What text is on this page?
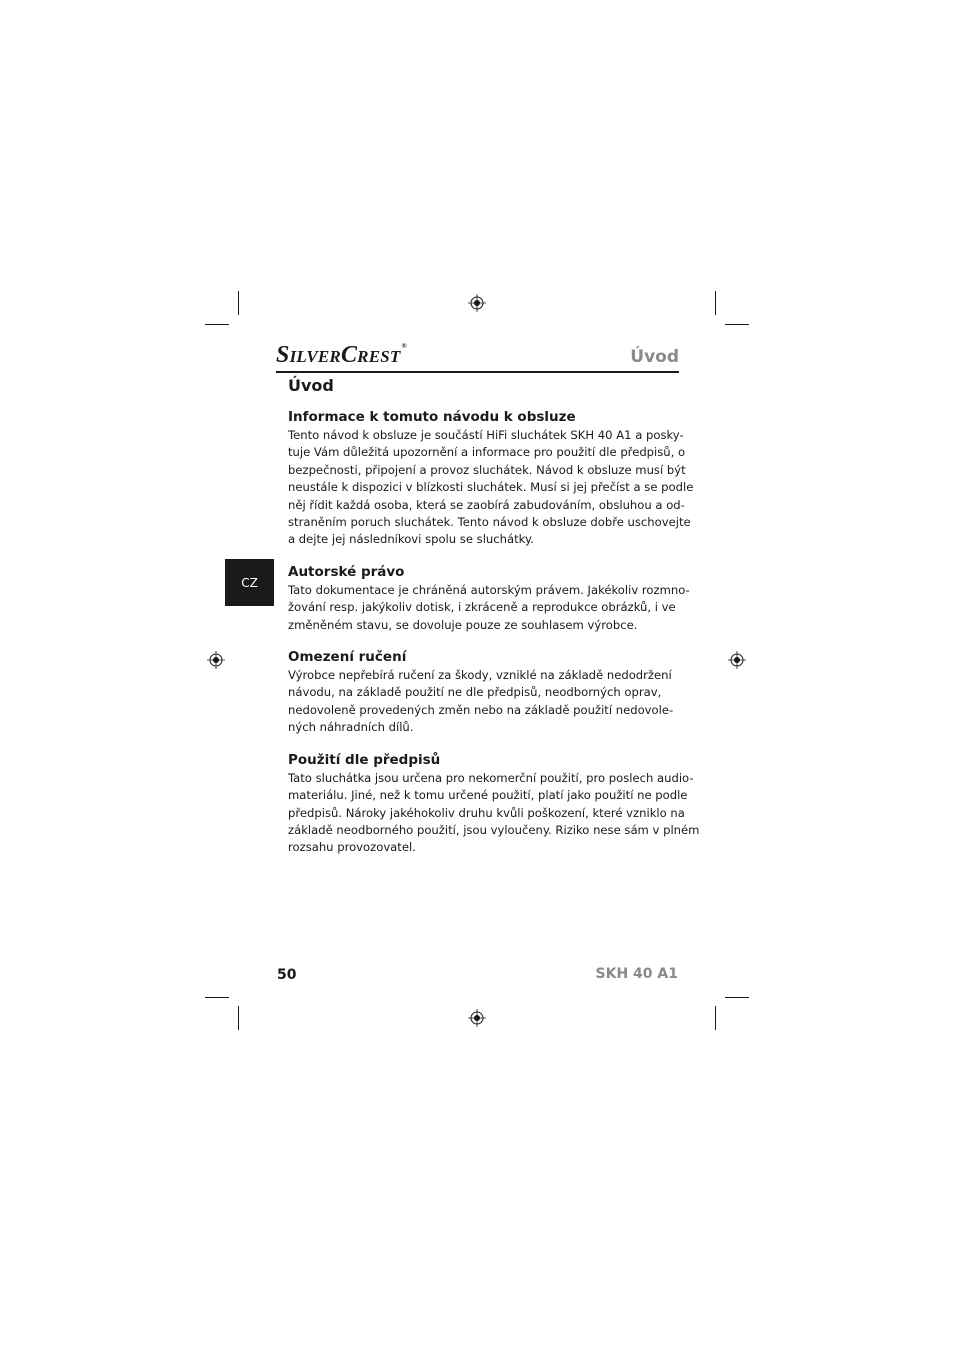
SILVERCREST®
Úvod
CZ
Úvod
Informace k tomuto návodu k obsluze

Tento návod k obsluze je součástí HiFi sluchátek SKH 40 A1 a posky-
tuje Vám důležitá upozornění a informace pro použití dle předpisů, o
bezpečnosti, připojení a provoz sluchátek. Návod k obsluze musí být
neustále k dispozici v blízkosti sluchátek. Musí si jej přečíst a se podle
něj řídit každá osoba, která se zaobírá zabudováním, obsluhou a od-
straněním poruch sluchátek. Tento návod k obsluze dobře uschovejte
a dejte jej následníkovi spolu se sluchátky.

Autorské právo

Tato dokumentace je chráněná autorským právem. Jakékoliv rozmno-
žování resp. jakýkoliv dotisk, i zkráceně a reprodukce obrázků, i ve
změněném stavu, se dovoluje pouze ze souhlasem výrobce.

Omezení ručení

Výrobce nepřebírá ručení za škody, vzniklé na základě nedodržení
návodu, na základě použití ne dle předpisů, neodborných oprav,
nedovoleně provedených změn nebo na základě použití nedovole-
ných náhradních dílů.

Použití dle předpisů

Tato sluchátka jsou určena pro nekomerční použití, pro poslech audio-
materiálu. Jiné, než k tomu určené použití, platí jako použití ne podle
předpisů. Nároky jakéhokoliv druhu kvůli poškození, které vzniklo na
základě neodborného použití, jsou vyloučeny. Riziko nese sám v plném
rozsahu provozovatel.

50	SKH 40 A1
